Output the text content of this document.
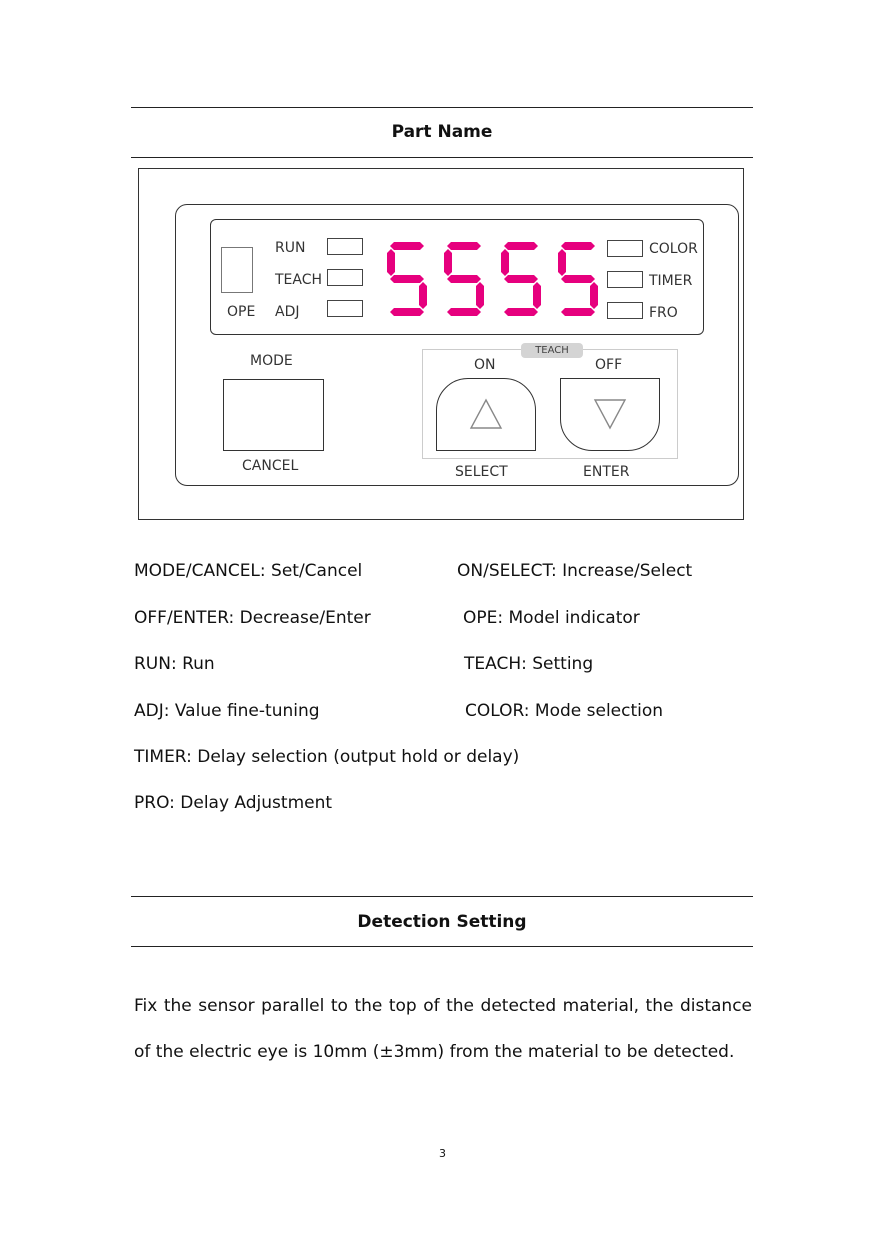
Part Name
OPE
RUN
TEACH
ADJ
COLOR
TIMER
FRO
MODE
CANCEL
TEACH
ON	OFF
SELECT	ENTER
MODE/CANCEL: Set/Cancel	ON/SELECT: Increase/Select
OFF/ENTER: Decrease/Enter	OPE: Model indicator
RUN: Run	TEACH: Setting
ADJ: Value fine-tuning	COLOR: Mode selection
TIMER: Delay selection (output hold or delay)
PRO: Delay Adjustment
Detection Setting
Fix the sensor parallel to the top of the detected material, the distance of the electric eye is 10mm (±3mm) from the material to be detected.
3
